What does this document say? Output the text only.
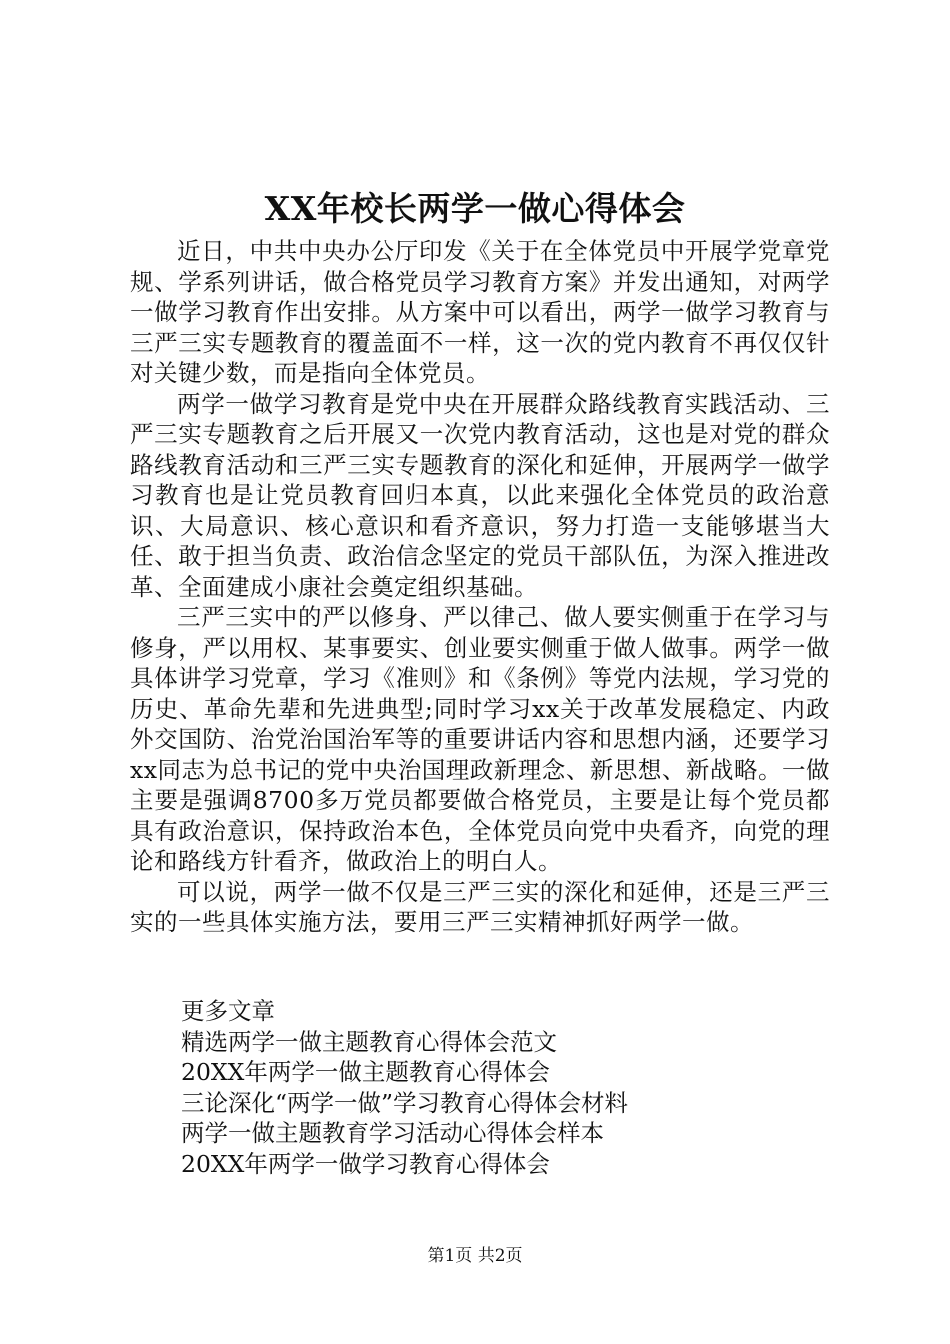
XX年校长两学一做心得体会

近日，中共中央办公厅印发《关于在全体党员中开展学党章党规、学系列讲话，做合格党员学习教育方案》并发出通知，对两学一做学习教育作出安排。从方案中可以看出，两学一做学习教育与三严三实专题教育的覆盖面不一样，这一次的党内教育不再仅仅针对关键少数，而是指向全体党员。

两学一做学习教育是党中央在开展群众路线教育实践活动、三严三实专题教育之后开展又一次党内教育活动，这也是对党的群众路线教育活动和三严三实专题教育的深化和延伸，开展两学一做学习教育也是让党员教育回归本真，以此来强化全体党员的政治意识、大局意识、核心意识和看齐意识，努力打造一支能够堪当大任、敢于担当负责、政治信念坚定的党员干部队伍，为深入推进改革、全面建成小康社会奠定组织基础。

三严三实中的严以修身、严以律己、做人要实侧重于在学习与修身，严以用权、某事要实、创业要实侧重于做人做事。两学一做具体讲学习党章，学习《准则》和《条例》等党内法规，学习党的历史、革命先辈和先进典型;同时学习xx关于改革发展稳定、内政外交国防、治党治国治军等的重要讲话内容和思想内涵，还要学习xx同志为总书记的党中央治国理政新理念、新思想、新战略。一做主要是强调8700多万党员都要做合格党员，主要是让每个党员都具有政治意识，保持政治本色，全体党员向党中央看齐，向党的理论和路线方针看齐，做政治上的明白人。

可以说，两学一做不仅是三严三实的深化和延伸，还是三严三实的一些具体实施方法，要用三严三实精神抓好两学一做。

更多文章
精选两学一做主题教育心得体会范文
20XX年两学一做主题教育心得体会
三论深化“两学一做”学习教育心得体会材料
两学一做主题教育学习活动心得体会样本
20XX年两学一做学习教育心得体会
第1页 共2页
